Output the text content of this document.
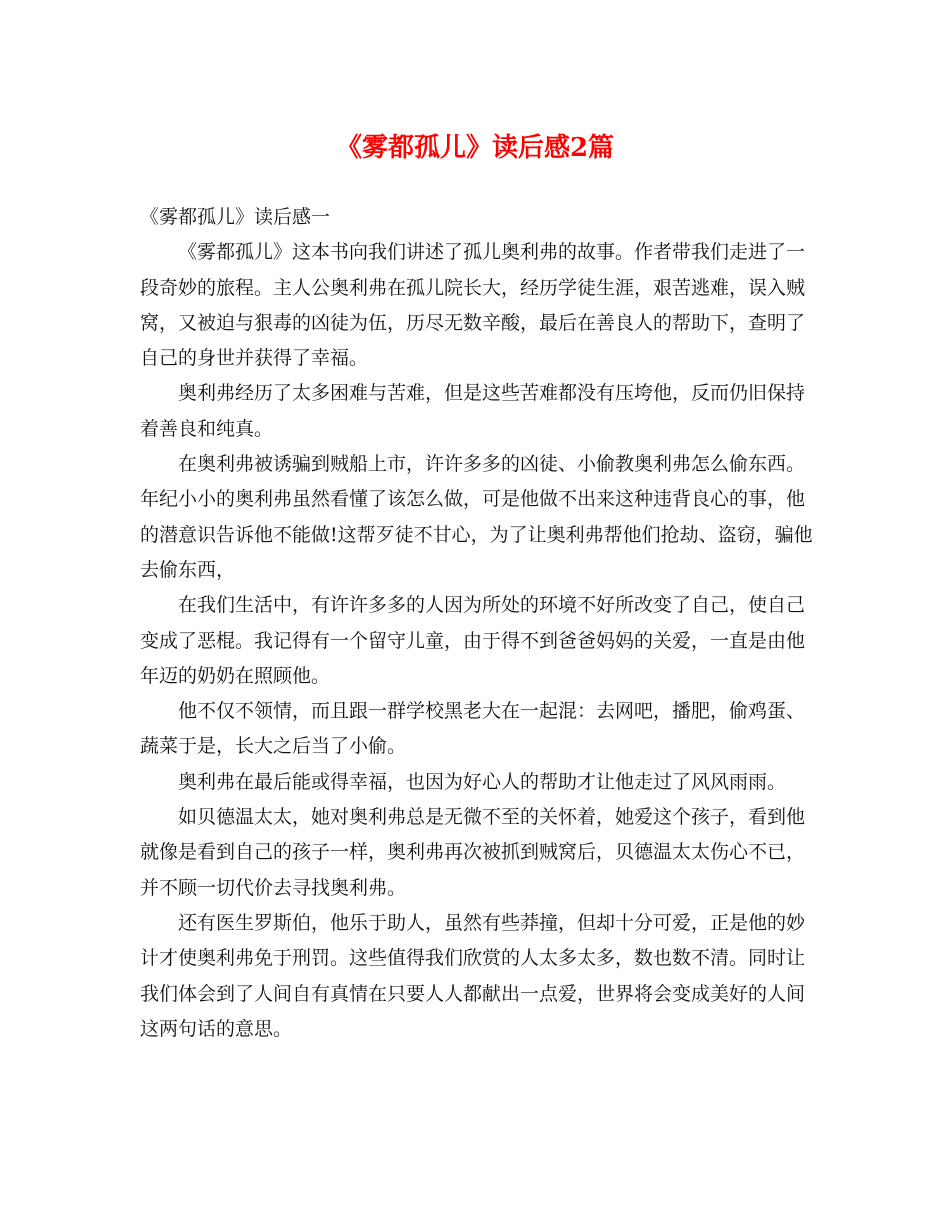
《雾都孤儿》读后感2篇

《雾都孤儿》读后感一

《雾都孤儿》这本书向我们讲述了孤儿奥利弗的故事。作者带我们走进了一段奇妙的旅程。主人公奥利弗在孤儿院长大，经历学徒生涯，艰苦逃难，误入贼窝，又被迫与狠毒的凶徒为伍，历尽无数辛酸，最后在善良人的帮助下，查明了自己的身世并获得了幸福。

奥利弗经历了太多困难与苦难，但是这些苦难都没有压垮他，反而仍旧保持着善良和纯真。

在奥利弗被诱骗到贼船上市，许许多多的凶徒、小偷教奥利弗怎么偷东西。年纪小小的奥利弗虽然看懂了该怎么做，可是他做不出来这种违背良心的事，他的潜意识告诉他不能做!这帮歹徒不甘心，为了让奥利弗帮他们抢劫、盗窃，骗他去偷东西，

在我们生活中，有许许多多的人因为所处的环境不好所改变了自己，使自己变成了恶棍。我记得有一个留守儿童，由于得不到爸爸妈妈的关爱，一直是由他年迈的奶奶在照顾他。

他不仅不领情，而且跟一群学校黑老大在一起混：去网吧，播肥，偷鸡蛋、蔬菜于是，长大之后当了小偷。

奥利弗在最后能或得幸福，也因为好心人的帮助才让他走过了风风雨雨。

如贝德温太太，她对奥利弗总是无微不至的关怀着，她爱这个孩子，看到他就像是看到自己的孩子一样，奥利弗再次被抓到贼窝后，贝德温太太伤心不已，并不顾一切代价去寻找奥利弗。

还有医生罗斯伯，他乐于助人，虽然有些莽撞，但却十分可爱，正是他的妙计才使奥利弗免于刑罚。这些值得我们欣赏的人太多太多，数也数不清。同时让我们体会到了人间自有真情在只要人人都献出一点爱，世界将会变成美好的人间这两句话的意思。
